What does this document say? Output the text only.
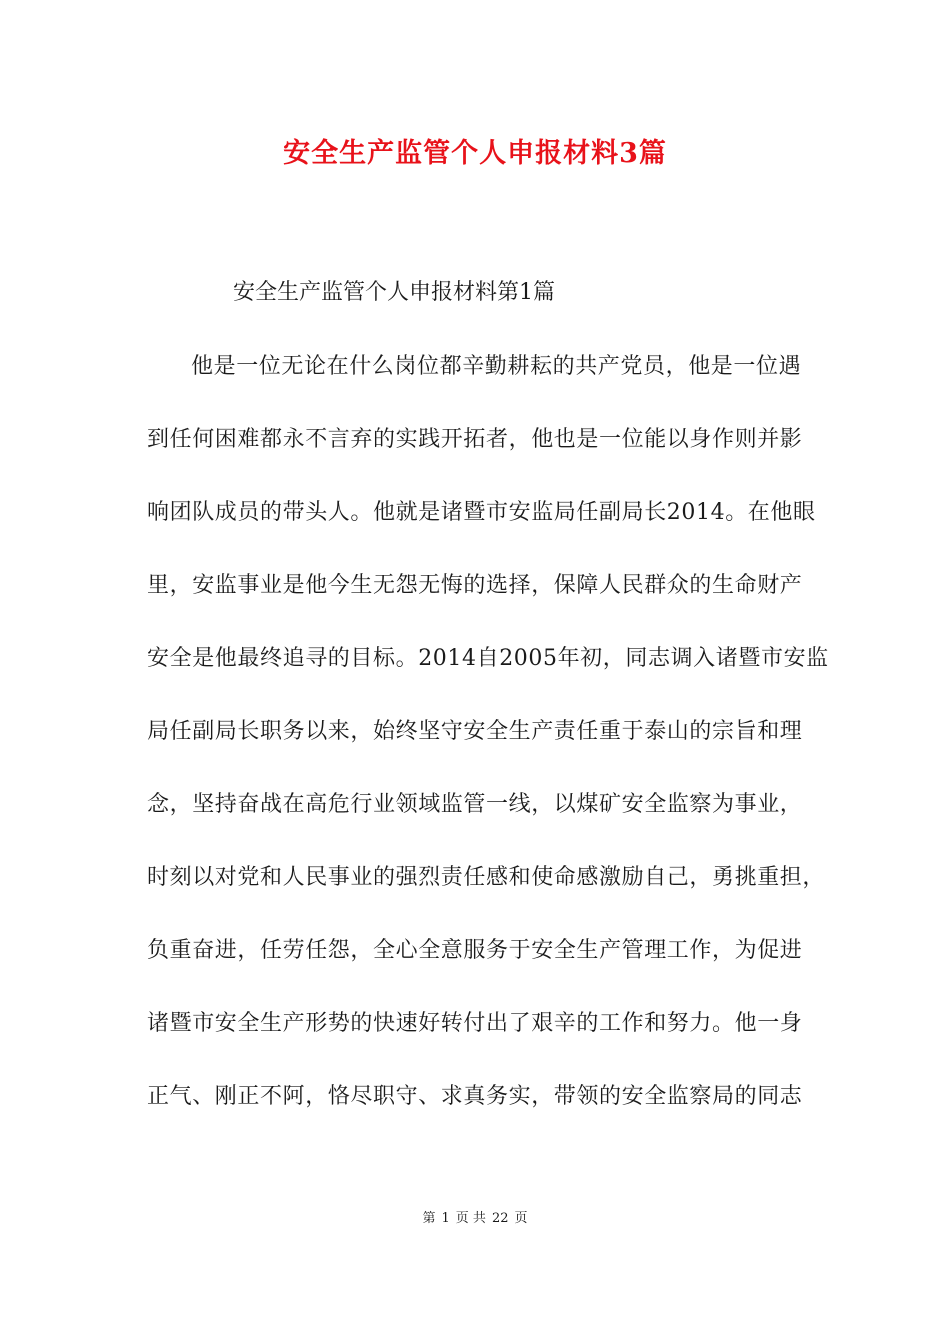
安全生产监管个人申报材料3篇
安全生产监管个人申报材料第1篇
他是一位无论在什么岗位都辛勤耕耘的共产党员，他是一位遇
到任何困难都永不言弃的实践开拓者，他也是一位能以身作则并影
响团队成员的带头人。他就是诸暨市安监局任副局长2014。在他眼
里，安监事业是他今生无怨无悔的选择，保障人民群众的生命财产
安全是他最终追寻的目标。2014自2005年初，同志调入诸暨市安监
局任副局长职务以来，始终坚守安全生产责任重于泰山的宗旨和理
念，坚持奋战在高危行业领域监管一线，以煤矿安全监察为事业，
时刻以对党和人民事业的强烈责任感和使命感激励自己，勇挑重担，
负重奋进，任劳任怨，全心全意服务于安全生产管理工作，为促进
诸暨市安全生产形势的快速好转付出了艰辛的工作和努力。他一身
正气、刚正不阿，恪尽职守、求真务实，带领的安全监察局的同志
第 1 页 共 22 页
